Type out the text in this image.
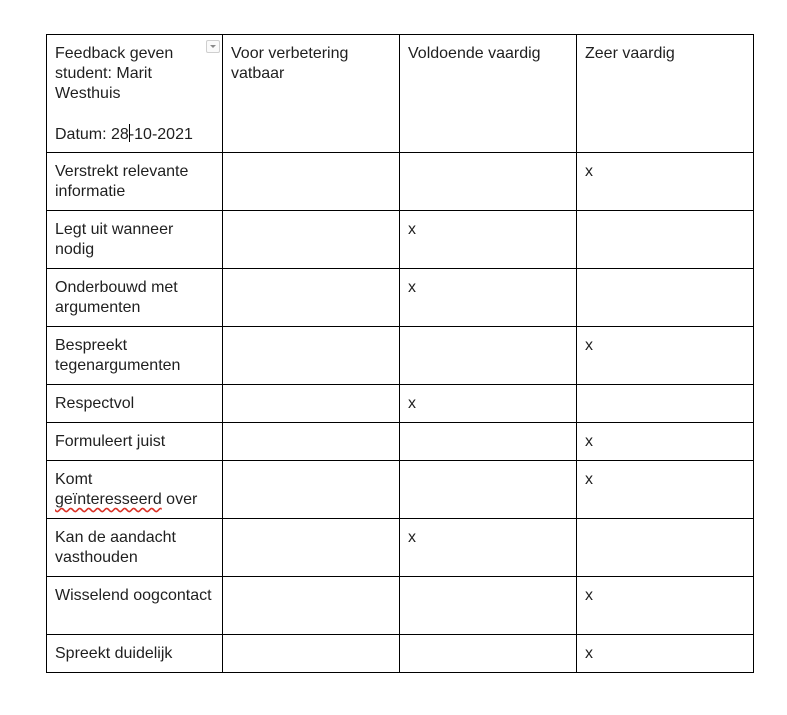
Feedback geven student: Marit Westhuis
Datum: 28-10-2021	Voor verbetering vatbaar	Voldoende vaardig	Zeer vaardig
Verstrekt relevante informatie			x
Legt uit wanneer nodig		x	
Onderbouwd met argumenten		x	
Bespreekt tegenargumenten			x
Respectvol		x	
Formuleert juist			x
Komt
geïnteresseerd over			x
Kan de aandacht vasthouden		x	
Wisselend oogcontact			x
Spreekt duidelijk			x
